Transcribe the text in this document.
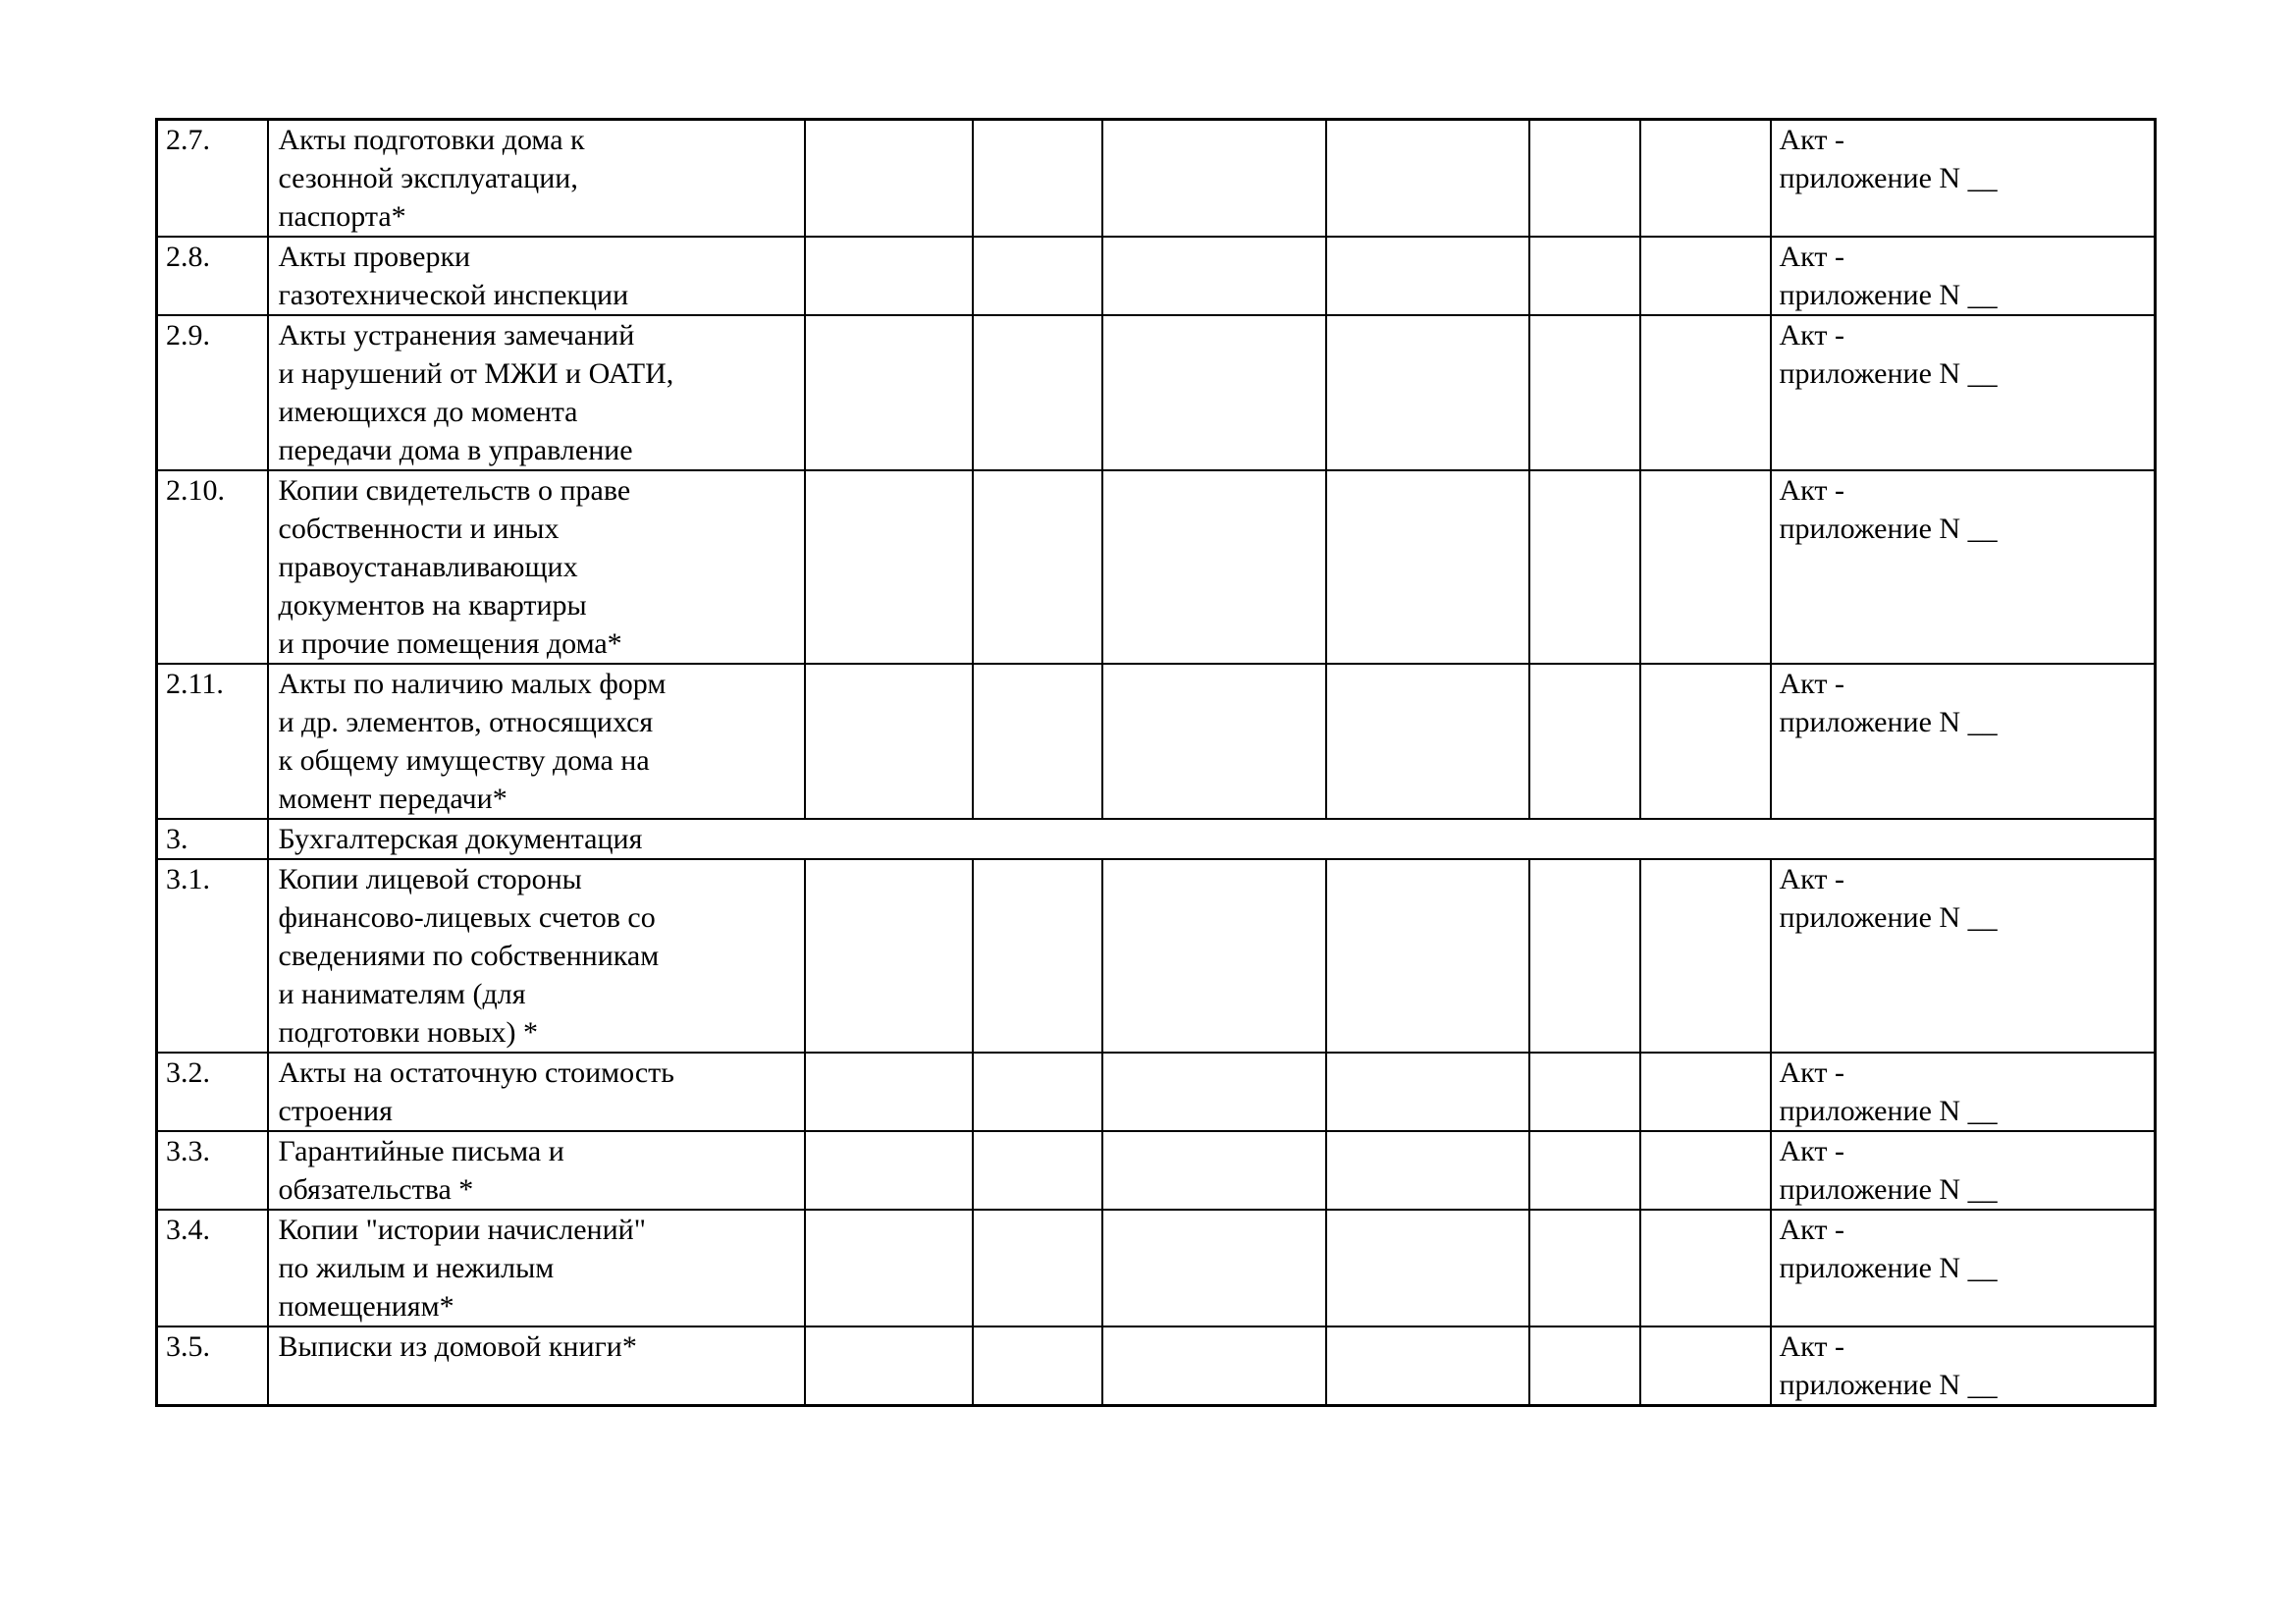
2.7.	Акты подготовки дома к
сезонной эксплуатации,
паспорта*							Акт -
приложение N __
2.8.	Акты проверки
газотехнической инспекции							Акт -
приложение N __
2.9.	Акты устранения замечаний
и нарушений от МЖИ и ОАТИ,
имеющихся до момента
передачи дома в управление							Акт -
приложение N __
2.10.	Копии свидетельств о праве
собственности и иных
правоустанавливающих
документов на квартиры
и прочие помещения дома*							Акт -
приложение N __
2.11.	Акты по наличию малых форм
и др. элементов, относящихся
к общему имуществу дома на
момент передачи*							Акт -
приложение N __
3.	Бухгалтерская документация							
3.1.	Копии лицевой стороны
финансово-лицевых счетов со
сведениями по собственникам
и нанимателям (для
подготовки новых) *							Акт -
приложение N __
3.2.	Акты на остаточную стоимость
строения							Акт -
приложение N __
3.3.	Гарантийные письма и
обязательства *							Акт -
приложение N __
3.4.	Копии "истории начислений"
по жилым и нежилым
помещениям*							Акт -
приложение N __
3.5.	Выписки из домовой книги*							Акт -
приложение N __
